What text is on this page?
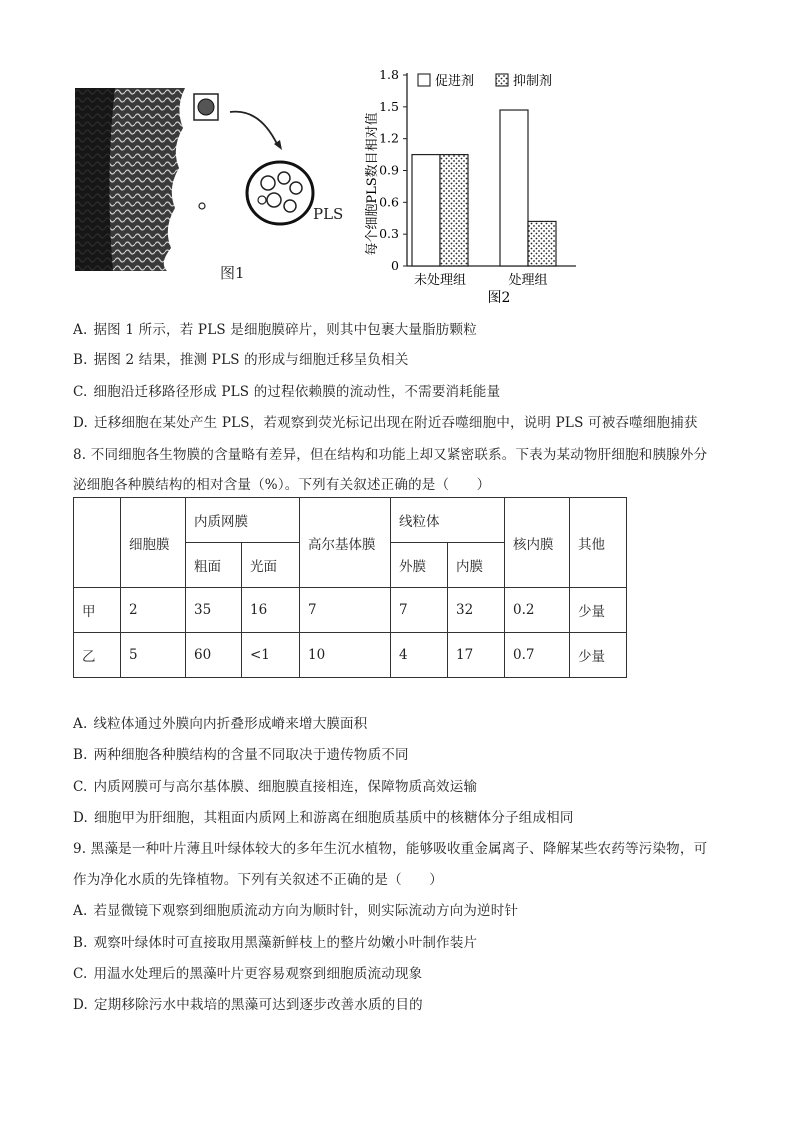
PLS
图1	0
0.3
0.6
0.9
1.2
1.5
1.8
未处理组	处理组
促进剂	抑制剂
每个细胞PLS数目相对值
图2
A. 据图 1 所示，若 PLS 是细胞膜碎片，则其中包裹大量脂肪颗粒
B. 据图 2 结果，推测 PLS 的形成与细胞迁移呈负相关
C. 细胞沿迁移路径形成 PLS 的过程依赖膜的流动性，不需要消耗能量
D. 迁移细胞在某处产生 PLS，若观察到荧光标记出现在附近吞噬细胞中，说明 PLS 可被吞噬细胞捕获
8. 不同细胞各生物膜的含量略有差异，但在结构和功能上却又紧密联系。下表为某动物肝细胞和胰腺外分
泌细胞各种膜结构的相对含量（%）。下列有关叙述正确的是（　　）
	细胞膜	内质网膜		高尔基体膜	线粒体		核内膜	其他
		粗面	光面		外膜	内膜		
甲	2	35	16	7	7	32	0.2	少量
乙	5	60	<1	10	4	17	0.7	少量
A. 线粒体通过外膜向内折叠形成嵴来增大膜面积
B. 两种细胞各种膜结构的含量不同取决于遗传物质不同
C. 内质网膜可与高尔基体膜、细胞膜直接相连，保障物质高效运输
D. 细胞甲为肝细胞，其粗面内质网上和游离在细胞质基质中的核糖体分子组成相同
9. 黑藻是一种叶片薄且叶绿体较大的多年生沉水植物，能够吸收重金属离子、降解某些农药等污染物，可
作为净化水质的先锋植物。下列有关叙述不正确的是（　　）
A. 若显微镜下观察到细胞质流动方向为顺时针，则实际流动方向为逆时针
B. 观察叶绿体时可直接取用黑藻新鲜枝上的整片幼嫩小叶制作装片
C. 用温水处理后的黑藻叶片更容易观察到细胞质流动现象
D. 定期移除污水中栽培的黑藻可达到逐步改善水质的目的
